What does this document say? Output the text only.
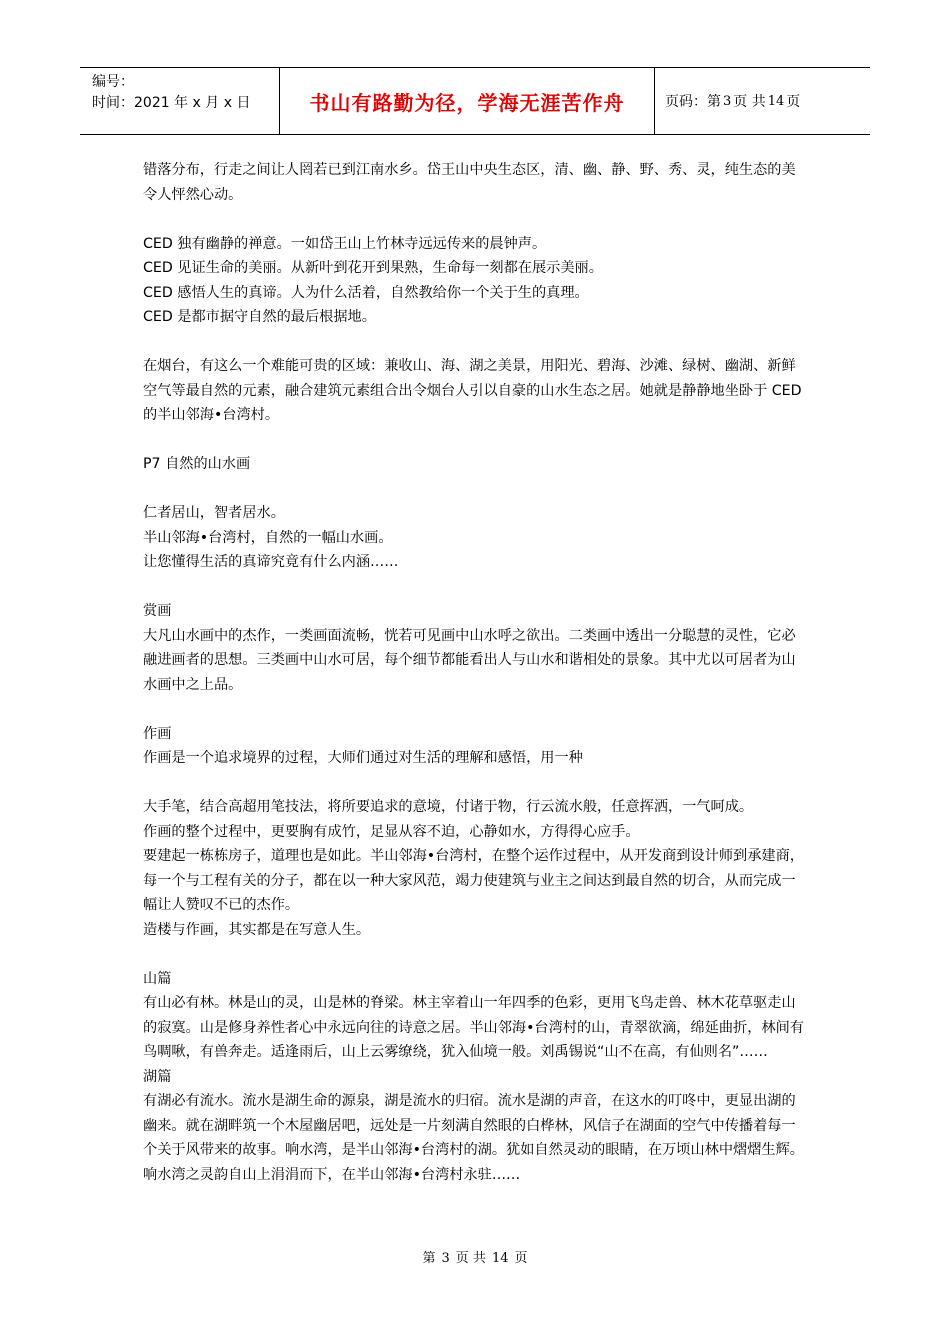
编号：
时间：2021 年 x 月 x 日	书山有路勤为径，学海无涯苦作舟	页码：第 3 页 共 14 页

错落分布，行走之间让人罔若已到江南水乡。岱王山中央生态区，清、幽、静、野、秀、灵，纯生态的美令人怦然心动。

CED 独有幽静的禅意。一如岱王山上竹林寺远远传来的晨钟声。

CED 见证生命的美丽。从新叶到花开到果熟，生命每一刻都在展示美丽。

CED 感悟人生的真谛。人为什么活着，自然教给你一个关于生的真理。

CED 是都市据守自然的最后根据地。

在烟台，有这么一个难能可贵的区域：兼收山、海、湖之美景，用阳光、碧海、沙滩、绿树、幽湖、新鲜空气等最自然的元素，融合建筑元素组合出令烟台人引以自豪的山水生态之居。她就是静静地坐卧于 CED 的半山邻海•台湾村。

P7 自然的山水画

仁者居山，智者居水。

半山邻海•台湾村，自然的一幅山水画。

让您懂得生活的真谛究竟有什么内涵……

赏画

大凡山水画中的杰作，一类画面流畅，恍若可见画中山水呼之欲出。二类画中透出一分聪慧的灵性，它必融进画者的思想。三类画中山水可居，每个细节都能看出人与山水和谐相处的景象。其中尤以可居者为山水画中之上品。

作画

作画是一个追求境界的过程，大师们通过对生活的理解和感悟，用一种

大手笔，结合高超用笔技法，将所要追求的意境，付诸于物，行云流水般，任意挥洒，一气呵成。

作画的整个过程中，更要胸有成竹，足显从容不迫，心静如水，方得得心应手。

要建起一栋栋房子，道理也是如此。半山邻海•台湾村，在整个运作过程中，从开发商到设计师到承建商，每一个与工程有关的分子，都在以一种大家风范，竭力使建筑与业主之间达到最自然的切合，从而完成一幅让人赞叹不已的杰作。

造楼与作画，其实都是在写意人生。

山篇

有山必有林。林是山的灵，山是林的脊梁。林主宰着山一年四季的色彩，更用飞鸟走兽、林木花草驱走山的寂寞。山是修身养性者心中永远向往的诗意之居。半山邻海•台湾村的山，青翠欲滴，绵延曲折，林间有鸟啁啾，有兽奔走。适逢雨后，山上云雾缭绕，犹入仙境一般。刘禹锡说“山不在高，有仙则名”……

湖篇

有湖必有流水。流水是湖生命的源泉，湖是流水的归宿。流水是湖的声音，在这水的叮咚中，更显出湖的幽来。就在湖畔筑一个木屋幽居吧，远处是一片刻满自然眼的白桦林，风信子在湖面的空气中传播着每一个关于风带来的故事。响水湾，是半山邻海•台湾村的湖。犹如自然灵动的眼睛，在万顷山林中熠熠生辉。响水湾之灵韵自山上涓涓而下，在半山邻海•台湾村永驻……

第 3 页 共 14 页
